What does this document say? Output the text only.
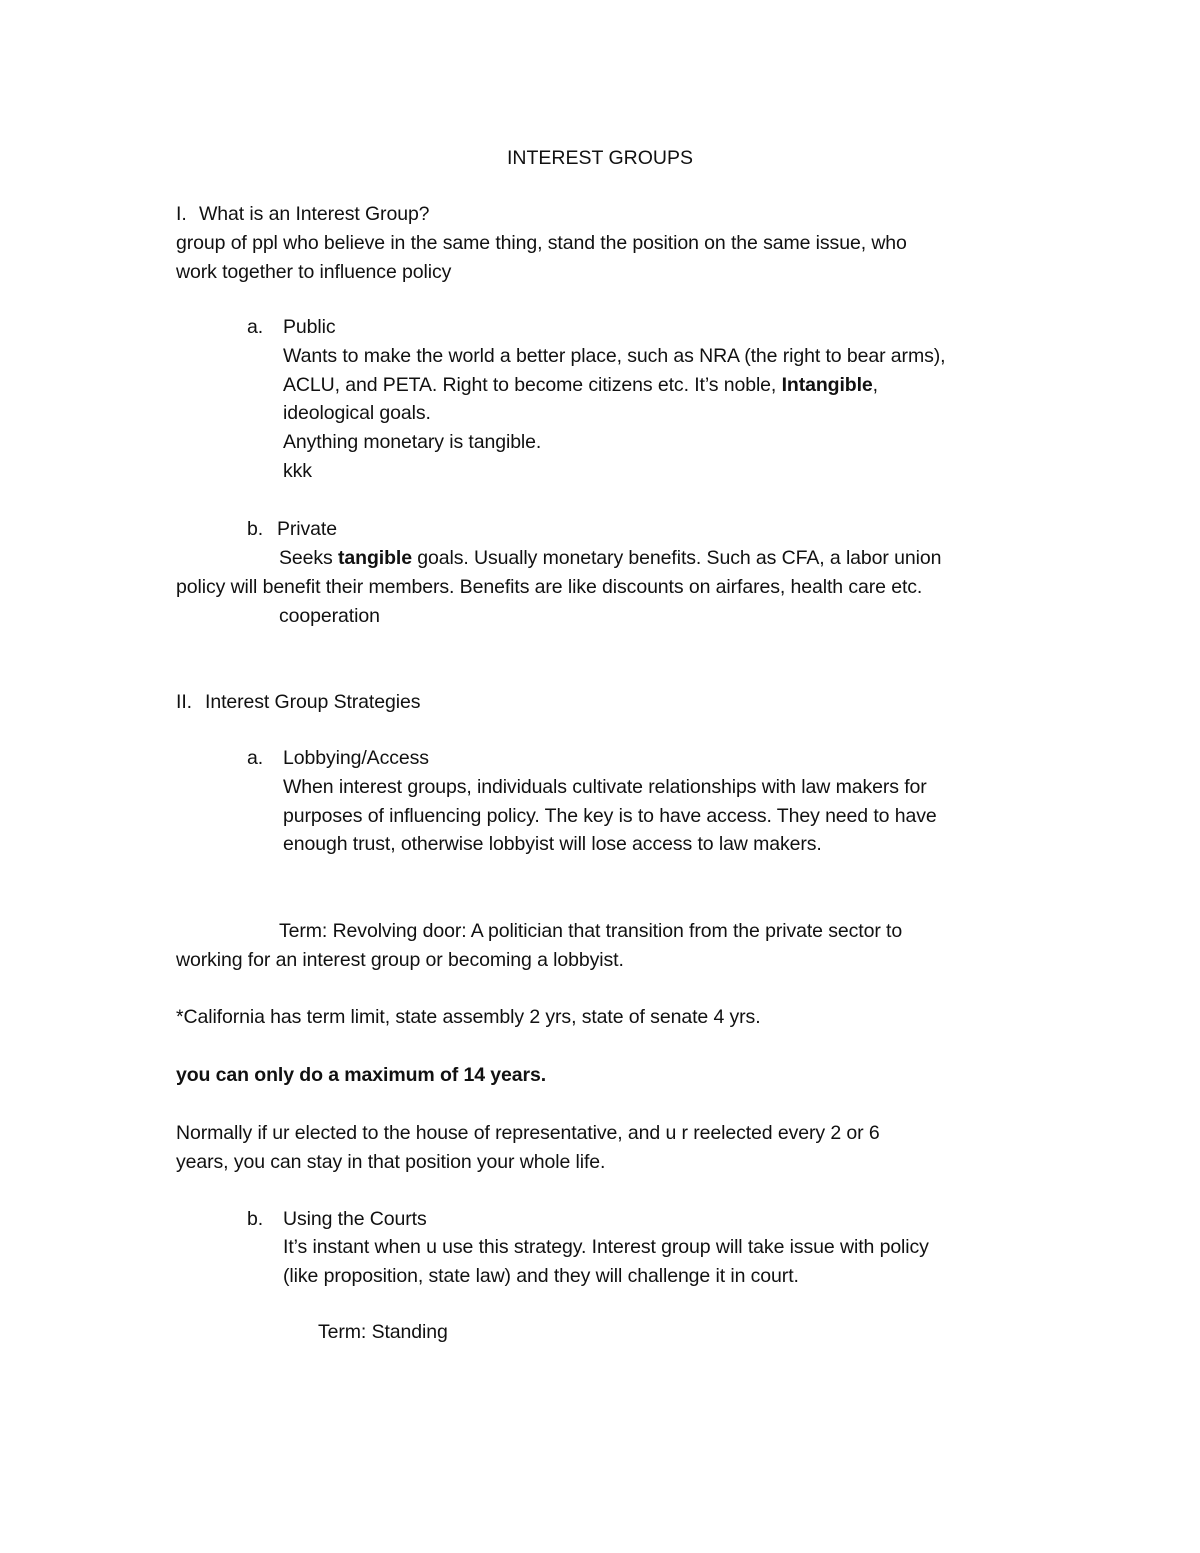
INTEREST GROUPS
I. What is an Interest Group?
group of ppl who believe in the same thing, stand the position on the same issue, who
work together to influence policy
a. Public
Wants to make the world a better place, such as NRA (the right to bear arms),
ACLU, and PETA. Right to become citizens etc. It’s noble, Intangible,
ideological goals.
Anything monetary is tangible.
kkk
b. Private
Seeks tangible goals. Usually monetary benefits. Such as CFA, a labor union
policy will benefit their members. Benefits are like discounts on airfares, health care etc.
cooperation
II. Interest Group Strategies
a. Lobbying/Access
When interest groups, individuals cultivate relationships with law makers for
purposes of influencing policy. The key is to have access. They need to have
enough trust, otherwise lobbyist will lose access to law makers.
Term: Revolving door: A politician that transition from the private sector to
working for an interest group or becoming a lobbyist.
*California has term limit, state assembly 2 yrs, state of senate 4 yrs.
you can only do a maximum of 14 years.
Normally if ur elected to the house of representative, and u r reelected every 2 or 6
years, you can stay in that position your whole life.
b. Using the Courts
It’s instant when u use this strategy. Interest group will take issue with policy
(like proposition, state law) and they will challenge it in court.
Term: Standing
